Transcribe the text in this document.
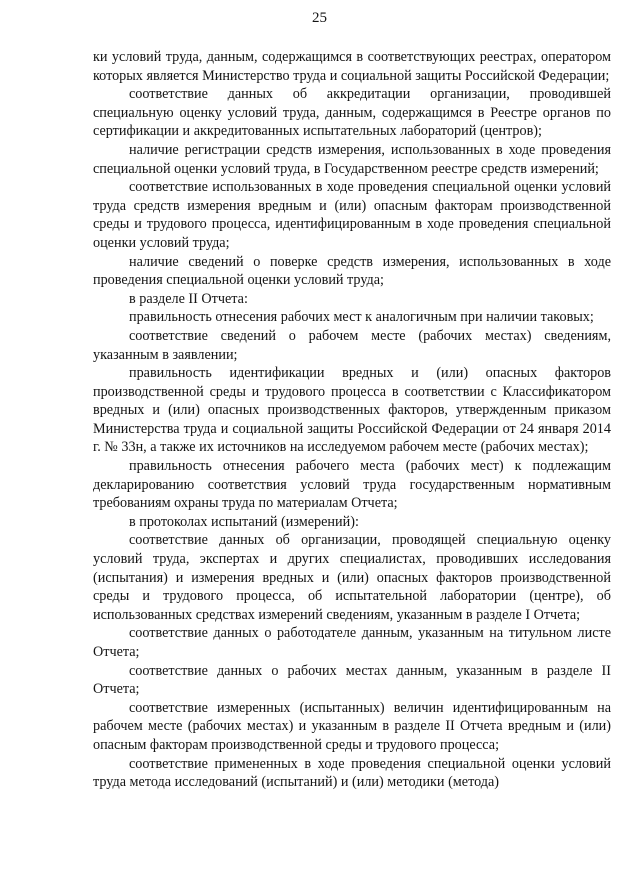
25

ки условий труда, данным, содержащимся в соответствующих реестрах, оператором которых является Министерство труда и социальной защиты Российской Федерации;

соответствие данных об аккредитации организации, проводившей специальную оценку условий труда, данным, содержащимся в Реестре органов по сертификации и аккредитованных испытательных лабораторий (центров);

наличие регистрации средств измерения, использованных в ходе проведения специальной оценки условий труда, в Государственном реестре средств измерений;

соответствие использованных в ходе проведения специальной оценки условий труда средств измерения вредным и (или) опасным факторам производственной среды и трудового процесса, идентифицированным в ходе проведения специальной оценки условий труда;

наличие сведений о поверке средств измерения, использованных в ходе проведения специальной оценки условий труда;

в разделе II Отчета:

правильность отнесения рабочих мест к аналогичным при наличии таковых;

соответствие сведений о рабочем месте (рабочих местах) сведениям, указанным в заявлении;

правильность идентификации вредных и (или) опасных факторов производственной среды и трудового процесса в соответствии с Классификатором вредных и (или) опасных производственных факторов, утвержденным приказом Министерства труда и социальной защиты Российской Федерации от 24 января 2014 г. № 33н, а также их источников на исследуемом рабочем месте (рабочих местах);

правильность отнесения рабочего места (рабочих мест) к подлежащим декларированию соответствия условий труда государственным нормативным требованиям охраны труда по материалам Отчета;

в протоколах испытаний (измерений):

соответствие данных об организации, проводящей специальную оценку условий труда, экспертах и других специалистах, проводивших исследования (испытания) и измерения вредных и (или) опасных факторов производственной среды и трудового процесса, об испытательной лаборатории (центре), об использованных средствах измерений сведениям, указанным в разделе I Отчета;

соответствие данных о работодателе данным, указанным на титульном листе Отчета;

соответствие данных о рабочих местах данным, указанным в разделе II Отчета;

соответствие измеренных (испытанных) величин идентифицированным на рабочем месте (рабочих местах) и указанным в разделе II Отчета вредным и (или) опасным факторам производственной среды и трудового процесса;

соответствие примененных в ходе проведения специальной оценки условий труда метода исследований (испытаний) и (или) методики (метода)
